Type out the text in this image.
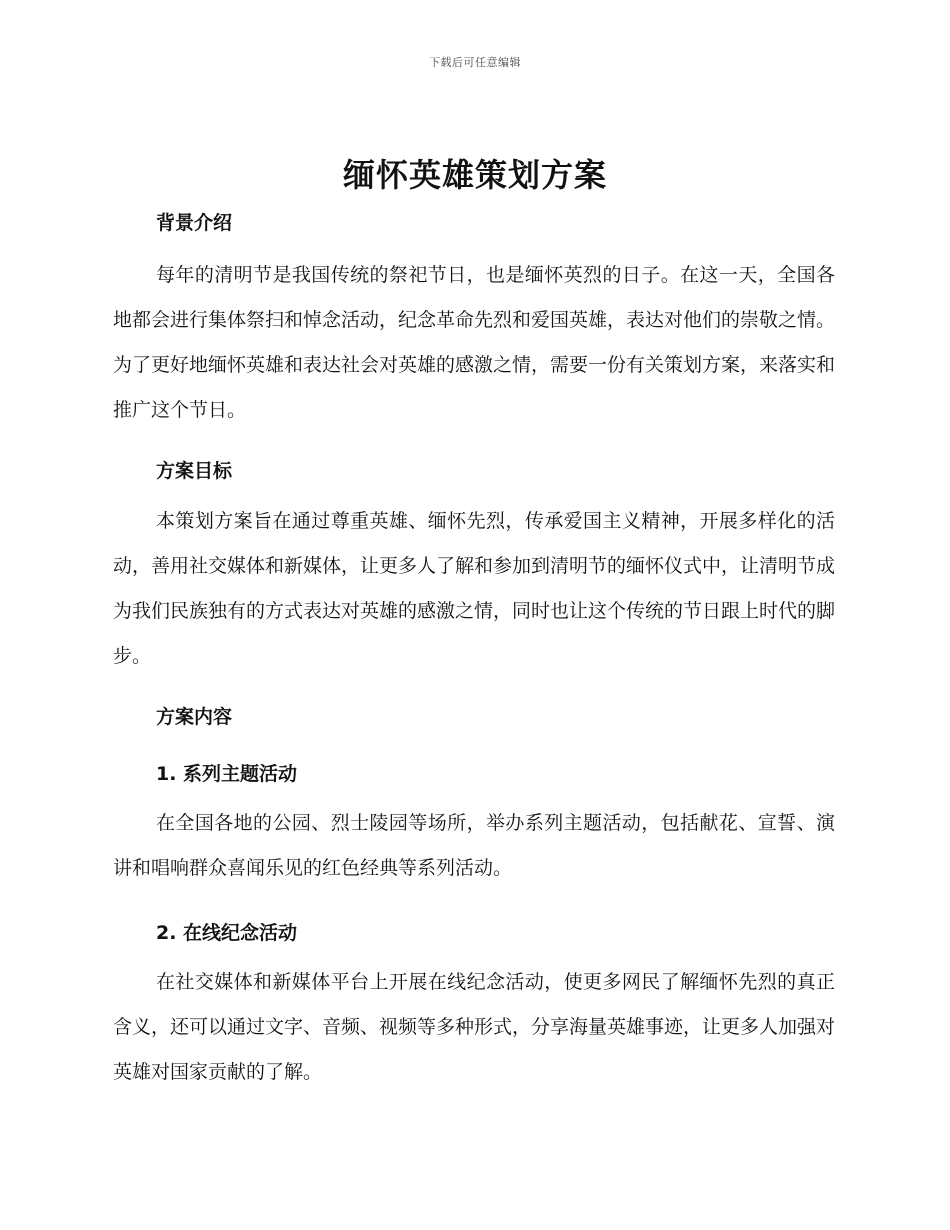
下载后可任意编辑
缅怀英雄策划方案
背景介绍
每年的清明节是我国传统的祭祀节日，也是缅怀英烈的日子。在这一天，全国各地都会进行集体祭扫和悼念活动，纪念革命先烈和爱国英雄，表达对他们的崇敬之情。为了更好地缅怀英雄和表达社会对英雄的感激之情，需要一份有关策划方案，来落实和推广这个节日。
方案目标
本策划方案旨在通过尊重英雄、缅怀先烈，传承爱国主义精神，开展多样化的活动，善用社交媒体和新媒体，让更多人了解和参加到清明节的缅怀仪式中，让清明节成为我们民族独有的方式表达对英雄的感激之情，同时也让这个传统的节日跟上时代的脚步。
方案内容
1. 系列主题活动
在全国各地的公园、烈士陵园等场所，举办系列主题活动，包括献花、宣誓、演讲和唱响群众喜闻乐见的红色经典等系列活动。
2. 在线纪念活动
在社交媒体和新媒体平台上开展在线纪念活动，使更多网民了解缅怀先烈的真正含义，还可以通过文字、音频、视频等多种形式，分享海量英雄事迹，让更多人加强对英雄对国家贡献的了解。
